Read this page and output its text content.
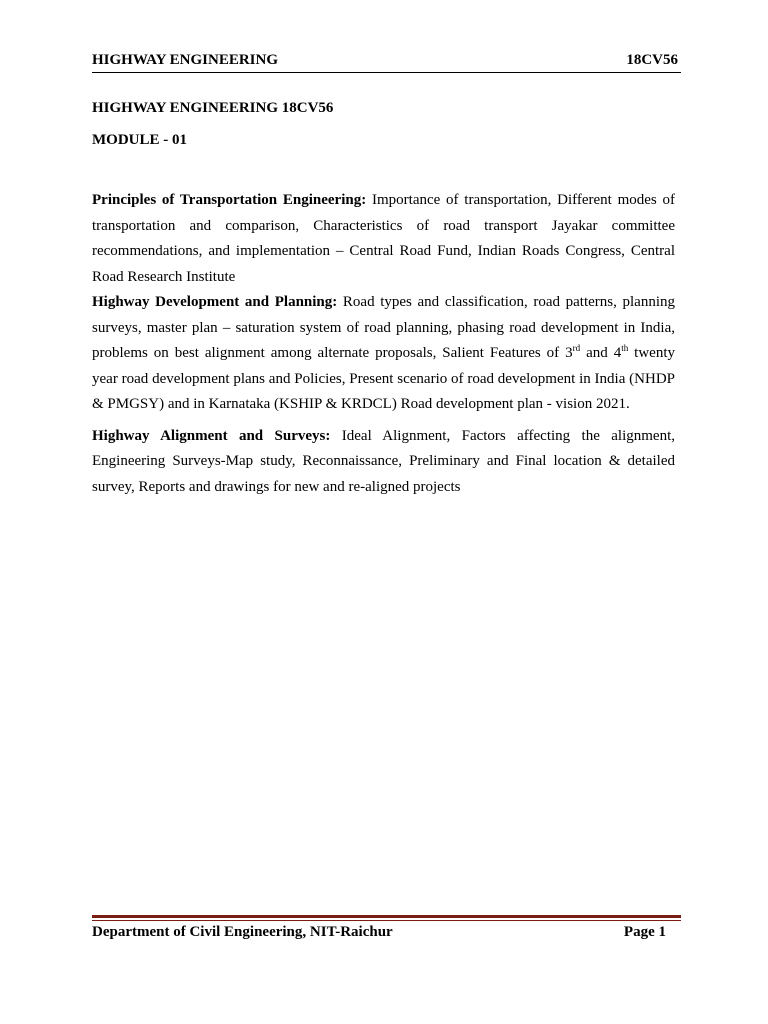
HIGHWAY ENGINEERING	18CV56
HIGHWAY ENGINEERING 18CV56
MODULE - 01

Principles of Transportation Engineering: Importance of transportation, Different modes of transportation and comparison, Characteristics of road transport Jayakar committee recommendations, and implementation – Central Road Fund, Indian Roads Congress, Central Road Research Institute

Highway Development and Planning: Road types and classification, road patterns, planning surveys, master plan – saturation system of road planning, phasing road development in India, problems on best alignment among alternate proposals, Salient Features of 3rd and 4th twenty year road development plans and Policies, Present scenario of road development in India (NHDP & PMGSY) and in Karnataka (KSHIP & KRDCL) Road development plan - vision 2021.

Highway Alignment and Surveys: Ideal Alignment, Factors affecting the alignment, Engineering Surveys-Map study, Reconnaissance, Preliminary and Final location & detailed survey, Reports and drawings for new and re-aligned projects

Department of Civil Engineering, NIT-Raichur	Page 1
